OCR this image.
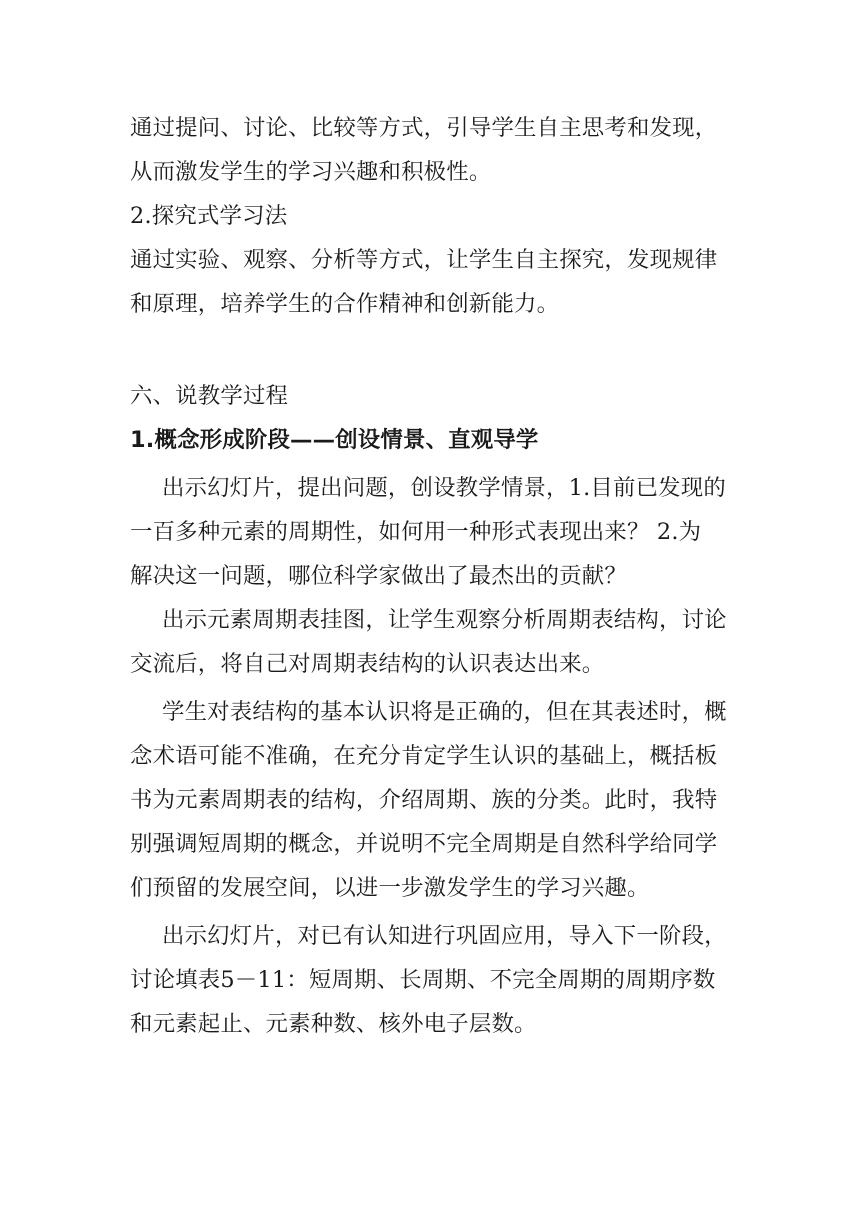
通过提问、讨论、比较等方式，引导学生自主思考和发现，
从而激发学生的学习兴趣和积极性。
2.探究式学习法
通过实验、观察、分析等方式，让学生自主探究，发现规律
和原理，培养学生的合作精神和创新能力。
六、说教学过程
1.概念形成阶段——创设情景、直观导学
出示幻灯片，提出问题，创设教学情景，1.目前已发现的
一百多种元素的周期性，如何用一种形式表现出来？ 2.为
解决这一问题，哪位科学家做出了最杰出的贡献？
出示元素周期表挂图，让学生观察分析周期表结构，讨论
交流后，将自己对周期表结构的认识表达出来。
学生对表结构的基本认识将是正确的，但在其表述时，概
念术语可能不准确，在充分肯定学生认识的基础上，概括板
书为元素周期表的结构，介绍周期、族的分类。此时，我特
别强调短周期的概念，并说明不完全周期是自然科学给同学
们预留的发展空间，以进一步激发学生的学习兴趣。
出示幻灯片，对已有认知进行巩固应用，导入下一阶段，
讨论填表5－11：短周期、长周期、不完全周期的周期序数
和元素起止、元素种数、核外电子层数。
